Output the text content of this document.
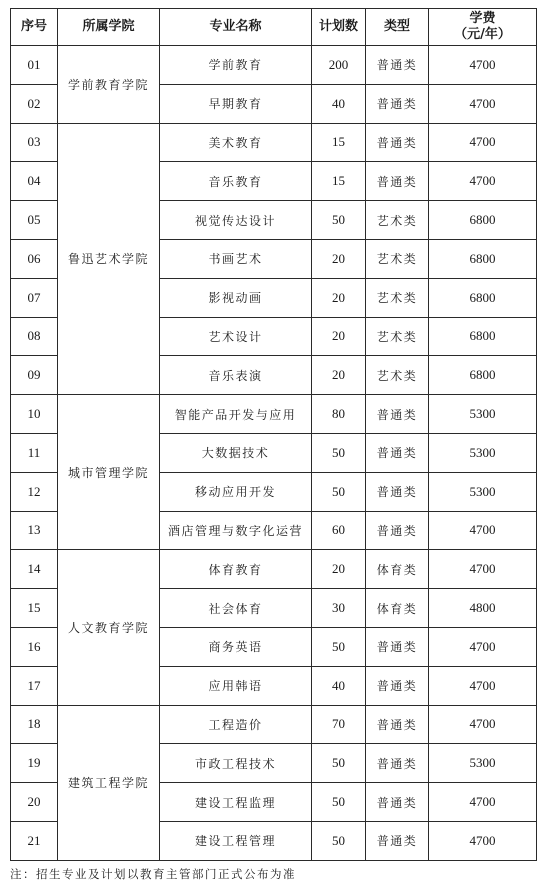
序号	所属学院	专业名称	计划数	类型	学费
（元/年）

01	学前教育学院	学前教育	200	普通类	4700
02		早期教育	40	普通类	4700
03	鲁迅艺术学院	美术教育	15	普通类	4700
04		音乐教育	15	普通类	4700
05		视觉传达设计	50	艺术类	6800
06		书画艺术	20	艺术类	6800
07		影视动画	20	艺术类	6800
08		艺术设计	20	艺术类	6800
09		音乐表演	20	艺术类	6800
10	城市管理学院	智能产品开发与应用	80	普通类	5300
11		大数据技术	50	普通类	5300
12		移动应用开发	50	普通类	5300
13		酒店管理与数字化运营	60	普通类	4700
14	人文教育学院	体育教育	20	体育类	4700
15		社会体育	30	体育类	4800
16		商务英语	50	普通类	4700
17		应用韩语	40	普通类	4700
18	建筑工程学院	工程造价	70	普通类	4700
19		市政工程技术	50	普通类	5300
20		建设工程监理	50	普通类	4700
21		建设工程管理	50	普通类	4700
注：招生专业及计划以教育主管部门正式公布为准
